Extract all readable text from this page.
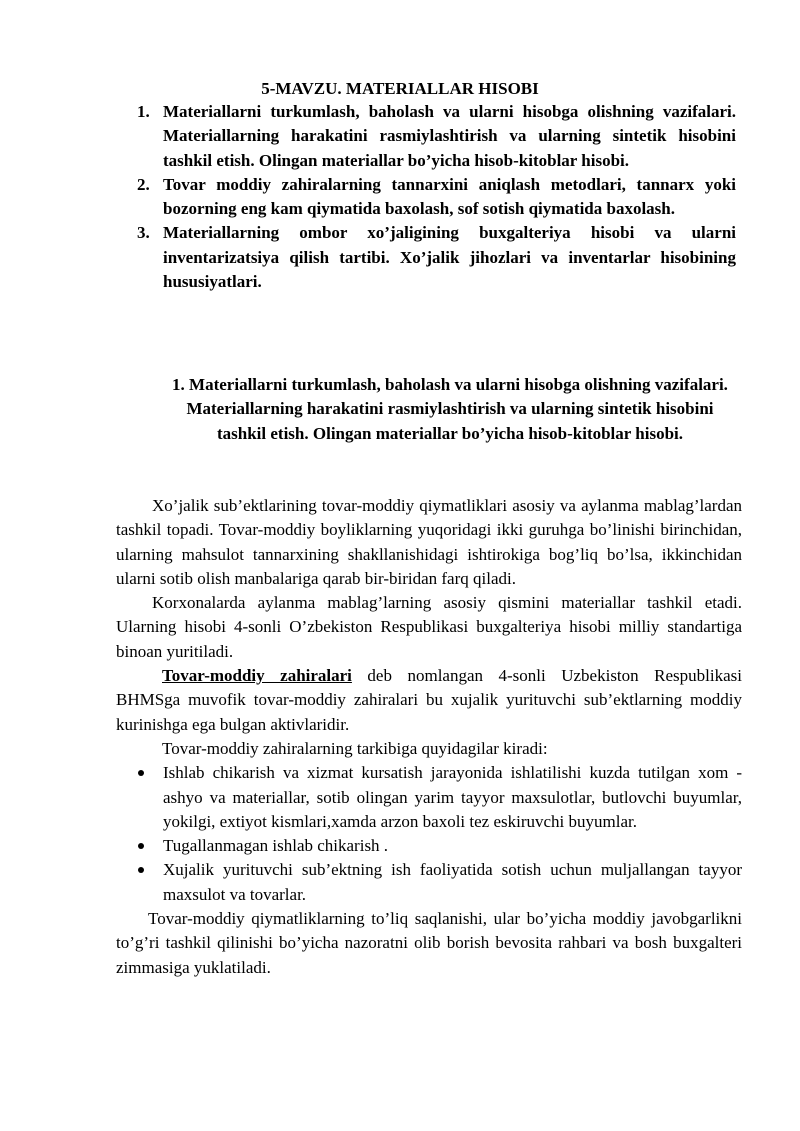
5-MAVZU. MATERIALLAR HISOBI
1. Materiallarni turkumlash, baholash va ularni hisobga olishning vazifalari. Materiallarning harakatini rasmiylashtirish va ularning sintetik hisobini tashkil etish. Olingan materiallar bo’yicha hisob-kitoblar hisobi.
2. Tovar moddiy zahiralarning tannarxini aniqlash metodlari, tannarx yoki bozorning eng kam qiymatida baxolash, sof sotish qiymatida baxolash.
3. Materiallarning ombor xo’jaligining buxgalteriya hisobi va ularni inventarizatsiya qilish tartibi. Xo’jalik jihozlari va inventarlar hisobining hususiyatlari.
1. Materiallarni turkumlash, baholash va ularni hisobga olishning vazifalari. Materiallarning harakatini rasmiylashtirish va ularning sintetik hisobini tashkil etish. Olingan materiallar bo’yicha hisob-kitoblar hisobi.

Xo’jalik sub’ektlarining tovar-moddiy qiymatliklari asosiy va aylanma mablag’lardan tashkil topadi. Tovar-moddiy boyliklarning yuqoridagi ikki guruhga bo’linishi birinchidan, ularning mahsulot tannarxining shakllanishidagi ishtirokiga bog’liq bo’lsa, ikkinchidan ularni sotib olish manbalariga qarab bir-biridan farq qiladi.

Korxonalarda aylanma mablag’larning asosiy qismini materiallar tashkil etadi. Ularning hisobi 4-sonli O’zbekiston Respublikasi buxgalteriya hisobi milliy standartiga binoan yuritiladi.

Tovar-moddiy zahiralari deb nomlangan 4-sonli Uzbekiston Respublikasi BHMSga muvofik tovar-moddiy zahiralari bu xujalik yurituvchi sub’ektlarning moddiy kurinishga ega bulgan aktivlaridir.

Tovar-moddiy zahiralarning tarkibiga quyidagilar kiradi:

Ishlab chikarish va xizmat kursatish jarayonida ishlatilishi kuzda tutilgan xom - ashyo va materiallar, sotib olingan yarim tayyor maxsulotlar, butlovchi buyumlar, yokilgi, extiyot kismlari,xamda arzon baxoli tez eskiruvchi buyumlar.
Tugallanmagan ishlab chikarish .
Xujalik yurituvchi sub’ektning ish faoliyatida sotish uchun muljallangan tayyor maxsulot va tovarlar.

Tovar-moddiy qiymatliklarning to’liq saqlanishi, ular bo’yicha moddiy javobgarlikni to’g’ri tashkil qilinishi bo’yicha nazoratni olib borish bevosita rahbari va bosh buxgalteri zimmasiga yuklatiladi.
